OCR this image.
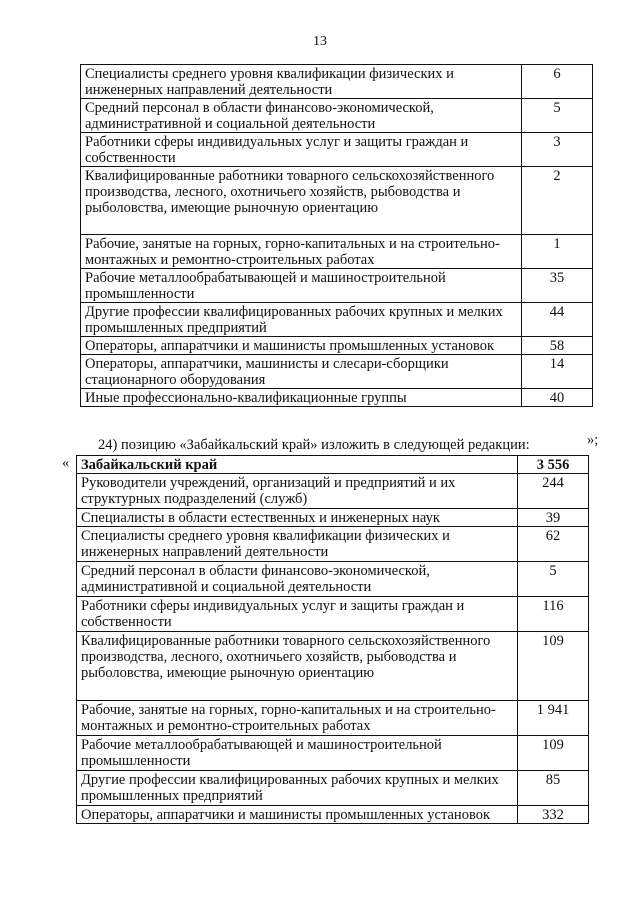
13
Специалисты среднего уровня квалификации физических и инженерных направлений деятельности	6
Средний персонал в области финансово-экономической, административной и социальной деятельности	5
Работники сферы индивидуальных услуг и защиты граждан и собственности	3
Квалифицированные работники товарного сельскохозяйственного производства, лесного, охотничьего хозяйств, рыбоводства и рыболовства, имеющие рыночную ориентацию	2
Рабочие, занятые на горных, горно-капитальных и на строительно-монтажных и ремонтно-строительных работах	1
Рабочие металлообрабатывающей и машиностроительной промышленности	35
Другие профессии квалифицированных рабочих крупных и мелких промышленных предприятий	44
Операторы, аппаратчики и машинисты промышленных установок	58
Операторы, аппаратчики, машинисты и слесари-сборщики стационарного оборудования	14
Иные профессионально-квалификационные группы	40
»;
24) позицию «Забайкальский край» изложить в следующей редакции:
« Забайкальский край	3 556
Руководители учреждений, организаций и предприятий и их структурных подразделений (служб)	244
Специалисты в области естественных и инженерных наук	39
Специалисты среднего уровня квалификации физических и инженерных направлений деятельности	62
Средний персонал в области финансово-экономической, административной и социальной деятельности	5
Работники сферы индивидуальных услуг и защиты граждан и собственности	116
Квалифицированные работники товарного сельскохозяйственного производства, лесного, охотничьего хозяйств, рыбоводства и рыболовства, имеющие рыночную ориентацию	109
Рабочие, занятые на горных, горно-капитальных и на строительно-монтажных и ремонтно-строительных работах	1 941
Рабочие металлообрабатывающей и машиностроительной промышленности	109
Другие профессии квалифицированных рабочих крупных и мелких промышленных предприятий	85
Операторы, аппаратчики и машинисты промышленных установок	332
